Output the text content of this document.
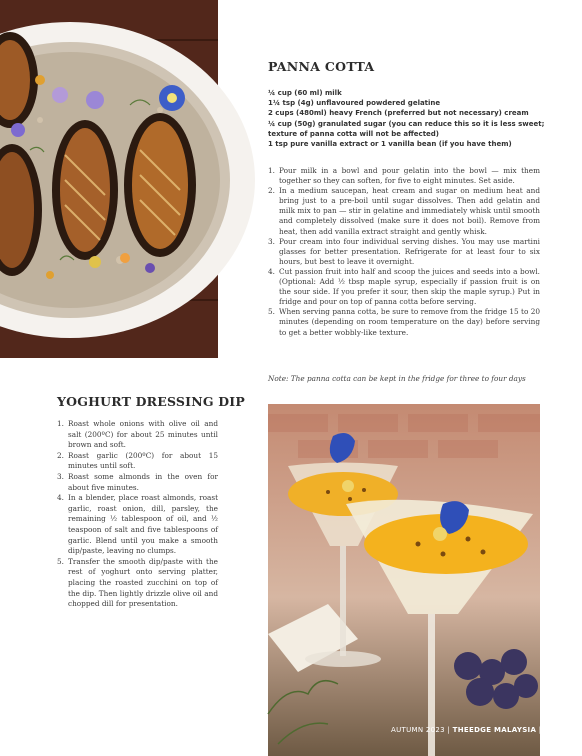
PANNA COTTA
¼ cup (60 ml) milk
1¼ tsp (4g) unflavoured powdered gelatine
2 cups (480ml) heavy French (preferred but not necessary) cream
¼ cup (50g) granulated sugar (you can reduce this so it is less sweet;
texture of panna cotta will not be affected)
1 tsp pure vanilla extract or 1 vanilla bean (if you have them)
1. Pour milk in a bowl and pour gelatin into the bowl — mix them together so they can soften, for five to eight minutes. Set aside.
2. In a medium saucepan, heat cream and sugar on medium heat and bring just to a pre-boil until sugar dissolves. Then add gelatin and milk mix to pan — stir in gelatine and immediately whisk until smooth and completely dissolved (make sure it does not boil). Remove from heat, then add vanilla extract straight and gently whisk.
3. Pour cream into four individual serving dishes. You may use martini glasses for better presentation. Refrigerate for at least four to six hours, but best to leave it overnight.
4. Cut passion fruit into half and scoop the juices and seeds into a bowl. (Optional: Add ½ tbsp maple syrup, especially if passion fruit is on the sour side. If you prefer it sour, then skip the maple syrup.) Put in fridge and pour on top of panna cotta before serving.
5. When serving panna cotta, be sure to remove from the fridge 15 to 20 minutes (depending on room temperature on the day) before serving to get a better wobbly-like texture.
Note: The panna cotta can be kept in the fridge for three to four days
YOGHURT DRESSING DIP
1. Roast whole onions with olive oil and salt (200ºC) for about 25 minutes until brown and soft.
2. Roast garlic (200ºC) for about 15 minutes until soft.
3. Roast some almonds in the oven for about five minutes.
4. In a blender, place roast almonds, roast garlic, roast onion, dill, parsley, the remaining ½ tablespoon of oil, and ½ teaspoon of salt and five tablespoons of garlic. Blend until you make a smooth dip/paste, leaving no clumps.
5. Transfer the smooth dip/paste with the rest of yoghurt onto serving platter, placing the roasted zucchini on top of the dip. Then lightly drizzle olive oil and chopped dill for presentation.
AUTUMN 2023 | THEEDGE MALAYSIA | HAVEN 89
